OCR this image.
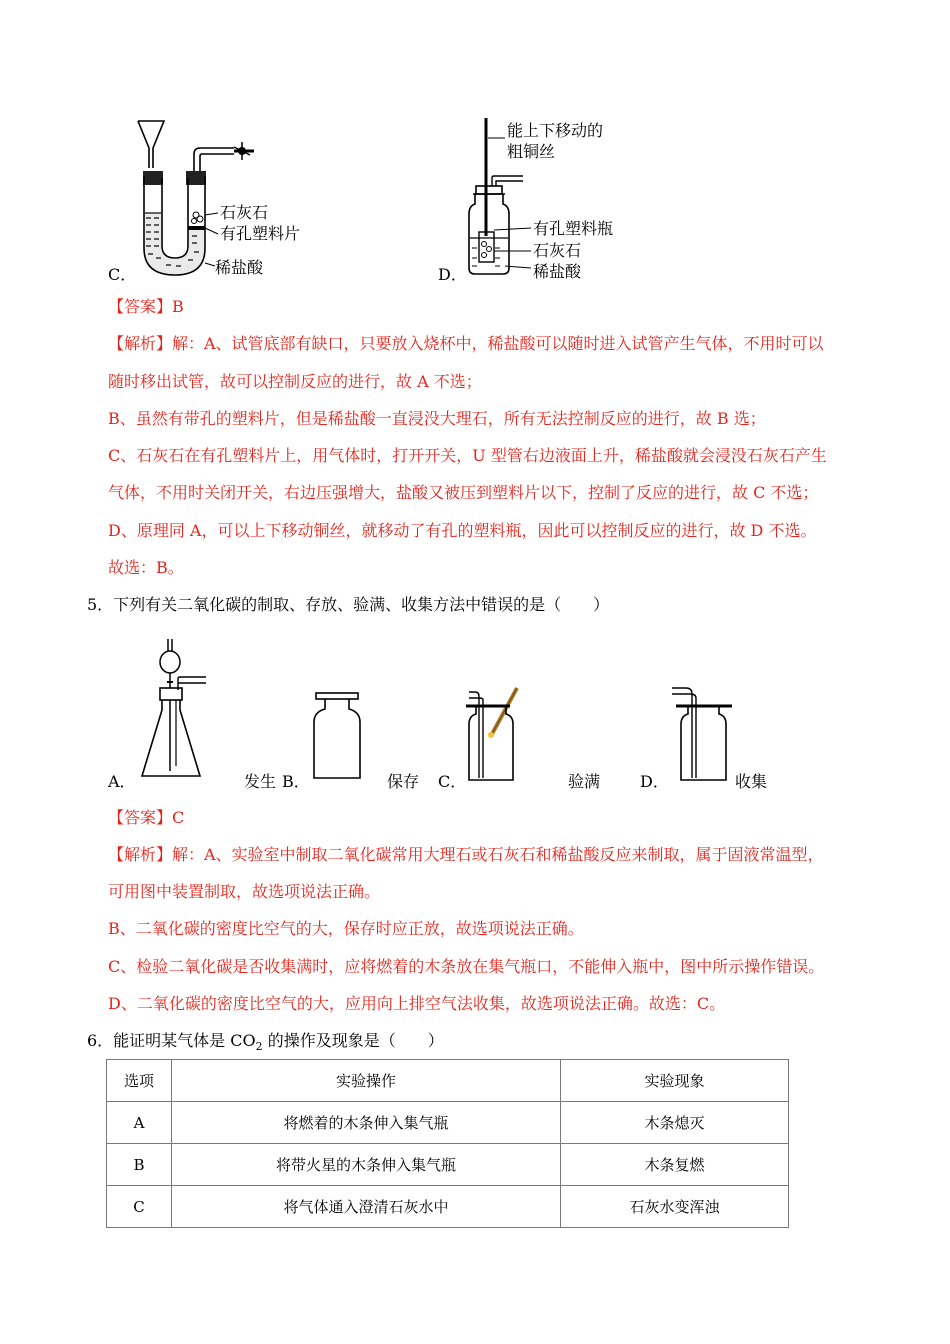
C．
石灰石
有孔塑料片
稀盐酸	D．
能上下移动的
粗铜丝
有孔塑料瓶
石灰石
稀盐酸
【答案】B
【解析】解：A、试管底部有缺口，只要放入烧杯中，稀盐酸可以随时进入试管产生气体，不用时可以
随时移出试管，故可以控制反应的进行，故 A 不选；
B、虽然有带孔的塑料片，但是稀盐酸一直浸没大理石，所有无法控制反应的进行，故 B 选；
C、石灰石在有孔塑料片上，用气体时，打开开关，U 型管右边液面上升，稀盐酸就会浸没石灰石产生
气体，不用时关闭开关，右边压强增大，盐酸又被压到塑料片以下，控制了反应的进行，故 C 不选；
D、原理同 A，可以上下移动铜丝，就移动了有孔的塑料瓶，因此可以控制反应的进行，故 D 不选。
故选：B。
5．下列有关二氧化碳的制取、存放、验满、收集方法中错误的是（　　）
A．	发生 B．	保存 C．	验满 D．	收集
【答案】C
【解析】解：A、实验室中制取二氧化碳常用大理石或石灰石和稀盐酸反应来制取，属于固液常温型，
可用图中装置制取，故选项说法正确。
B、二氧化碳的密度比空气的大，保存时应正放，故选项说法正确。
C、检验二氧化碳是否收集满时，应将燃着的木条放在集气瓶口，不能伸入瓶中，图中所示操作错误。
D、二氧化碳的密度比空气的大，应用向上排空气法收集，故选项说法正确。故选：C。
6．能证明某气体是 $CO_2$ 的操作及现象是（　　）
选项	实验操作	实验现象
A	将燃着的木条伸入集气瓶	木条熄灭
B	将带火星的木条伸入集气瓶	木条复燃
C	将气体通入澄清石灰水中	石灰水变浑浊
